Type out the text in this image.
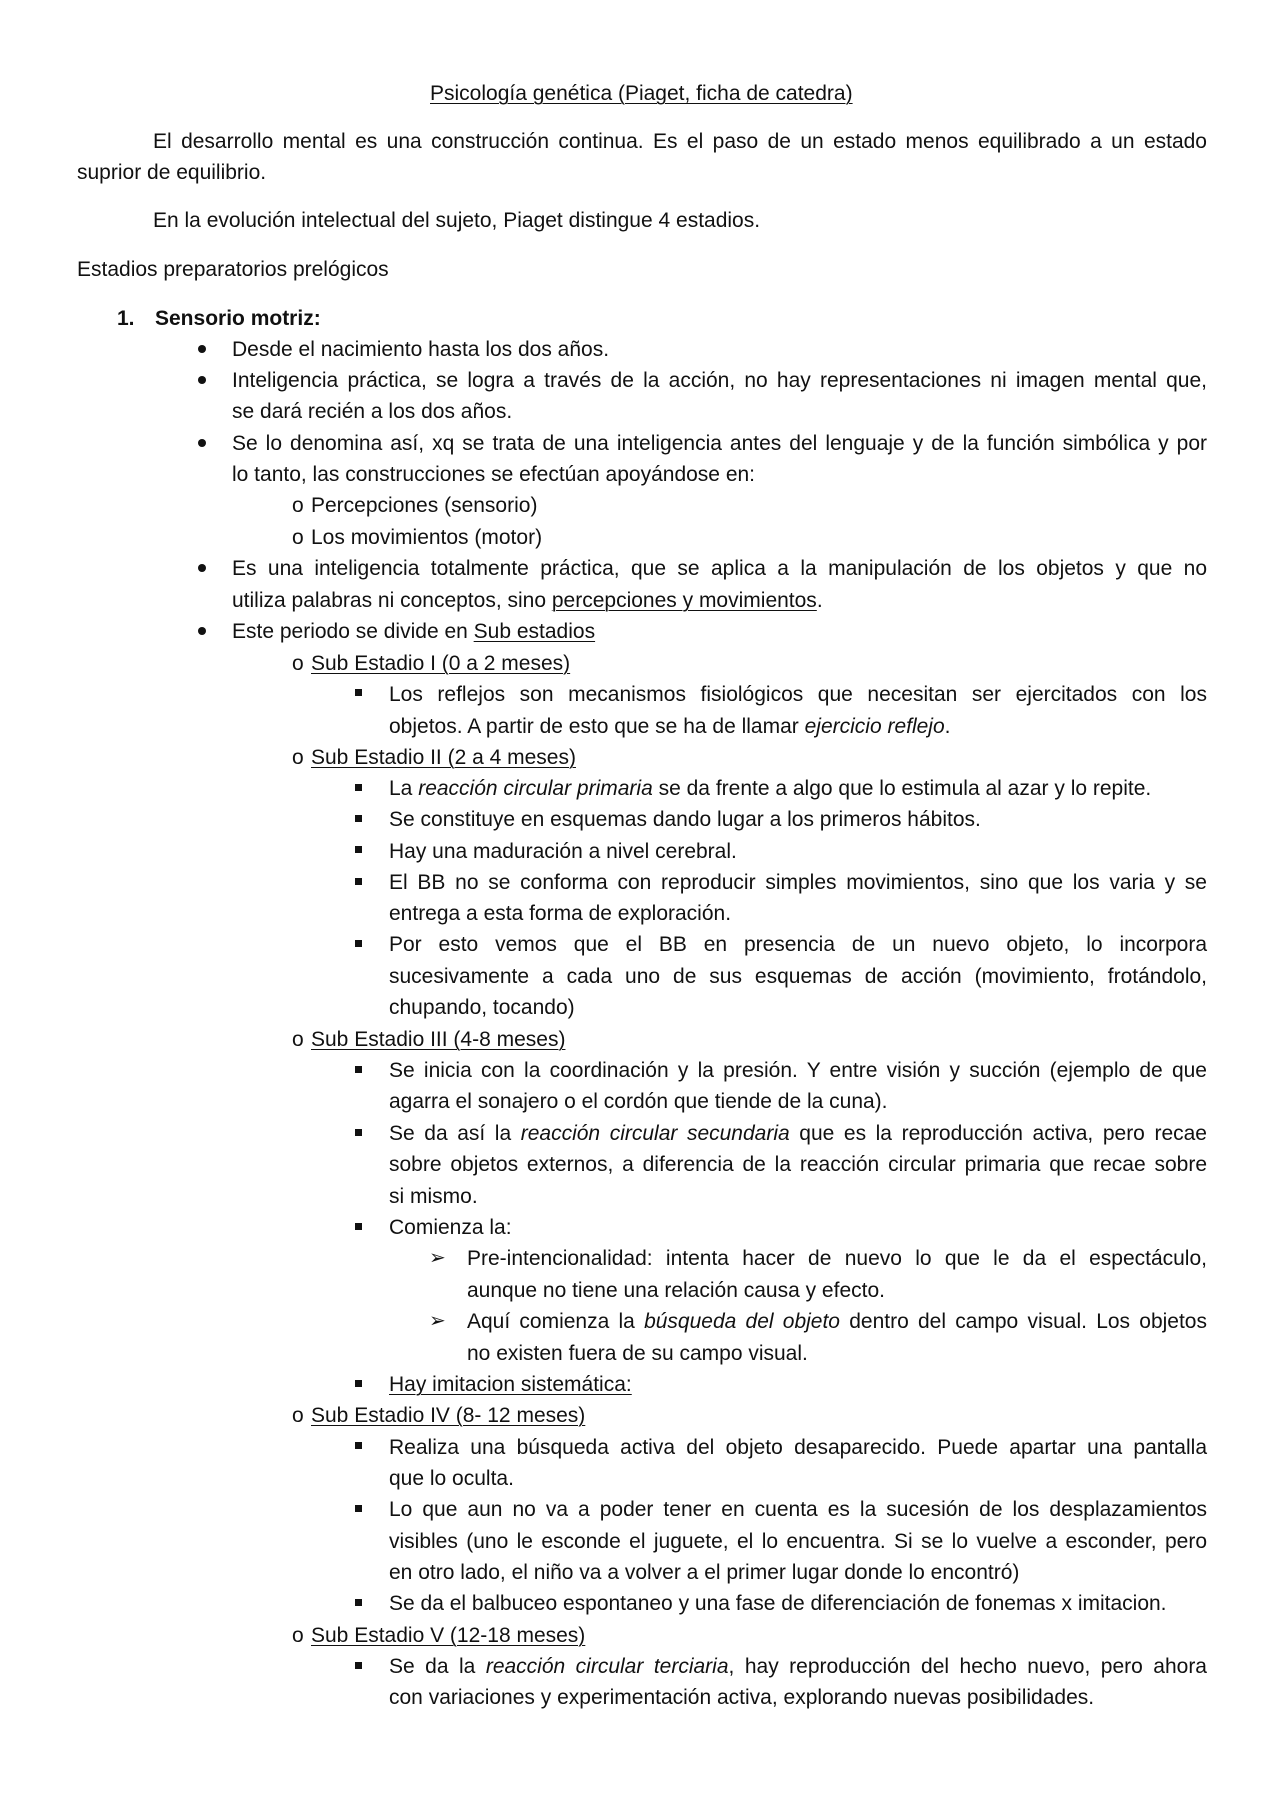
Psicología genética (Piaget, ficha de catedra)
El desarrollo mental es una construcción continua. Es el paso de un estado menos equilibrado a un estado
suprior de equilibrio.
En la evolución intelectual del sujeto, Piaget distingue 4 estadios.
Estadios preparatorios prelógicos
1. Sensorio motriz:
Desde el nacimiento hasta los dos años.
Inteligencia práctica, se logra a través de la acción, no hay representaciones ni imagen mental que,
se dará recién a los dos años.
Se lo denomina así, xq se trata de una inteligencia antes del lenguaje y de la función simbólica y por
lo tanto, las construcciones se efectúan apoyándose en:
o Percepciones (sensorio)
o Los movimientos (motor)
Es una inteligencia totalmente práctica, que se aplica a la manipulación de los objetos y que no
utiliza palabras ni conceptos, sino percepciones y movimientos.
Este periodo se divide en Sub estadios
o Sub Estadio I (0 a 2 meses)
Los reflejos son mecanismos fisiológicos que necesitan ser ejercitados con los
objetos. A partir de esto que se ha de llamar ejercicio reflejo.
o Sub Estadio II (2 a 4 meses)
La reacción circular primaria se da frente a algo que lo estimula al azar y lo repite.
Se constituye en esquemas dando lugar a los primeros hábitos.
Hay una maduración a nivel cerebral.
El BB no se conforma con reproducir simples movimientos, sino que los varia y se
entrega a esta forma de exploración.
Por esto vemos que el BB en presencia de un nuevo objeto, lo incorpora
sucesivamente a cada uno de sus esquemas de acción (movimiento, frotándolo,
chupando, tocando)
o Sub Estadio III (4-8 meses)
Se inicia con la coordinación y la presión. Y entre visión y succión (ejemplo de que
agarra el sonajero o el cordón que tiende de la cuna).
Se da así la reacción circular secundaria que es la reproducción activa, pero recae
sobre objetos externos, a diferencia de la reacción circular primaria que recae sobre
si mismo.
Comienza la:
➢ Pre-intencionalidad: intenta hacer de nuevo lo que le da el espectáculo,
aunque no tiene una relación causa y efecto.
➢ Aquí comienza la búsqueda del objeto dentro del campo visual. Los objetos
no existen fuera de su campo visual.
Hay imitacion sistemática:
o Sub Estadio IV (8- 12 meses)
Realiza una búsqueda activa del objeto desaparecido. Puede apartar una pantalla
que lo oculta.
Lo que aun no va a poder tener en cuenta es la sucesión de los desplazamientos
visibles (uno le esconde el juguete, el lo encuentra. Si se lo vuelve a esconder, pero
en otro lado, el niño va a volver a el primer lugar donde lo encontró)
Se da el balbuceo espontaneo y una fase de diferenciación de fonemas x imitacion.
o Sub Estadio V (12-18 meses)
Se da la reacción circular terciaria, hay reproducción del hecho nuevo, pero ahora
con variaciones y experimentación activa, explorando nuevas posibilidades.
